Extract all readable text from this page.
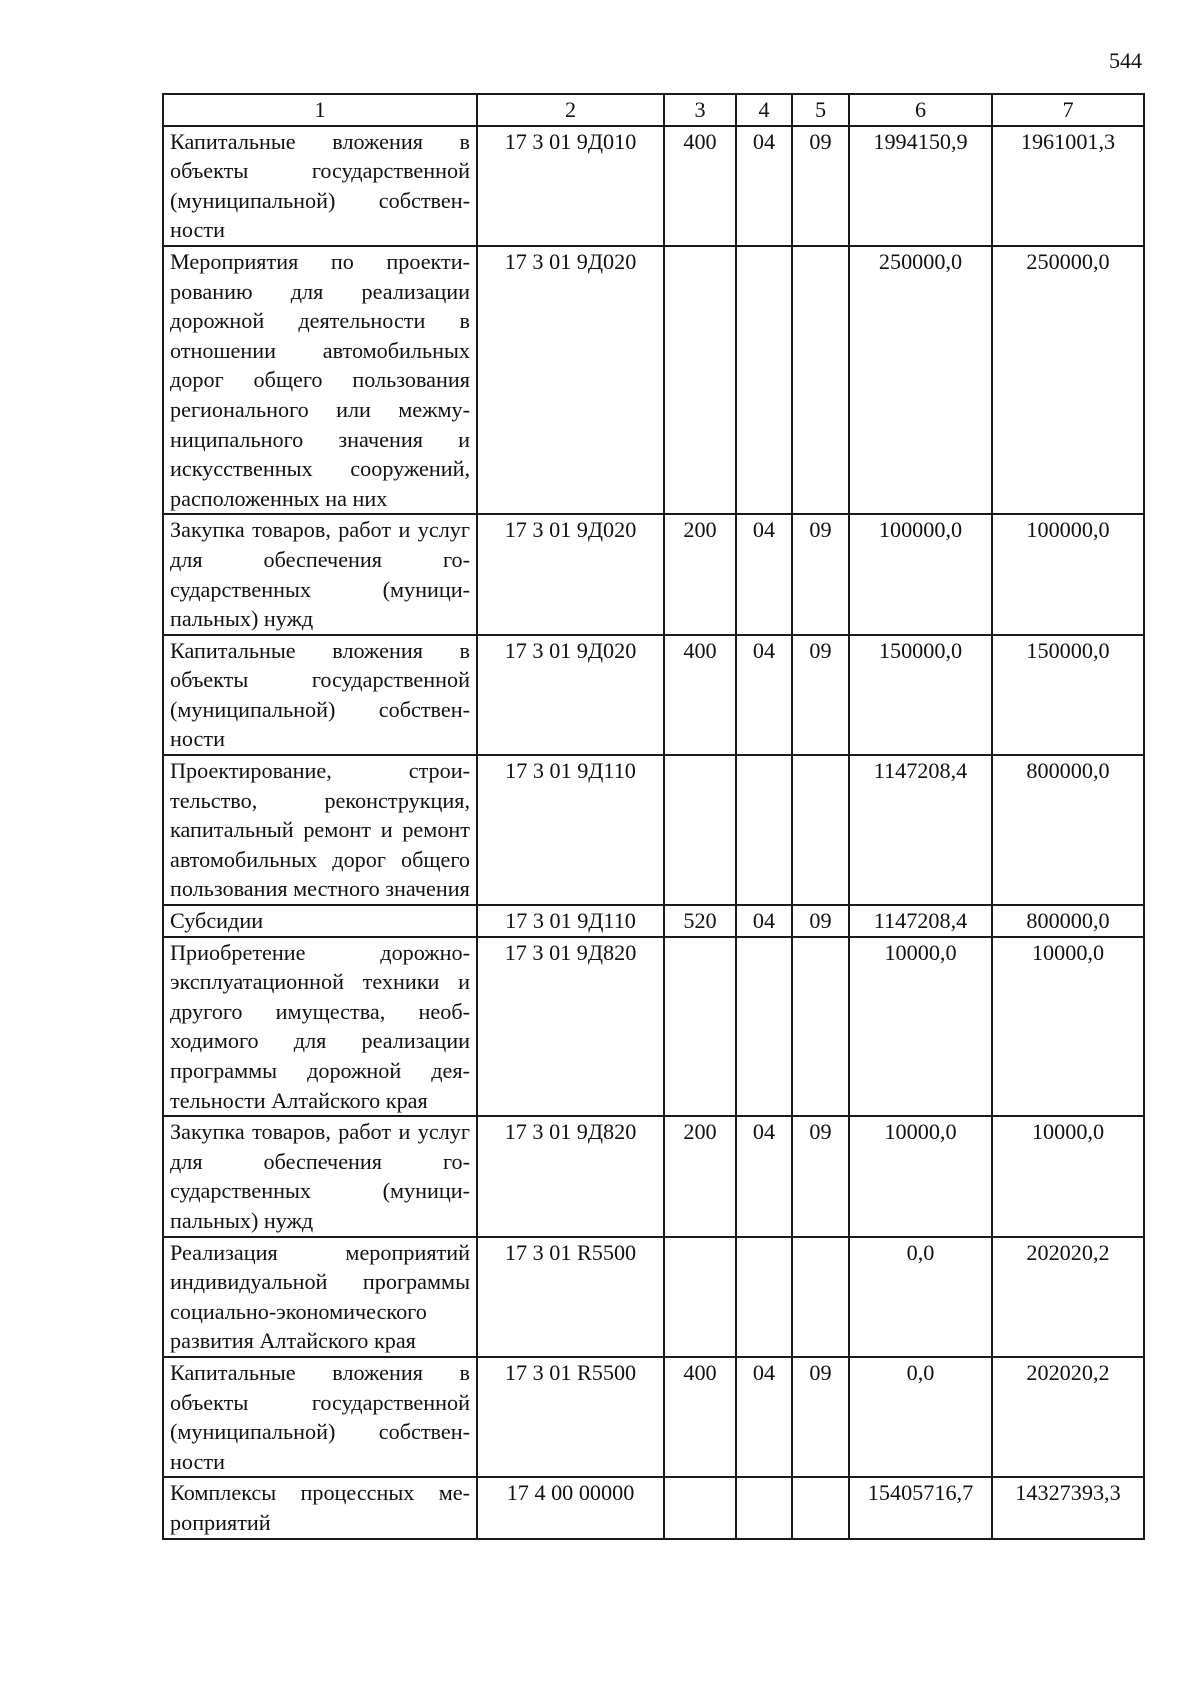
544
1	2	3	4	5	6	7
Капитальные вложения в объекты государственной (муниципальной) собственности	17 3 01 9Д010	400	04	09	1994150,9	1961001,3
Мероприятия по проектированию для реализации дорожной деятельности в отношении автомобильных дорог общего пользования регионального или межмуниципального значения и искусственных сооружений, расположенных на них	17 3 01 9Д020				250000,0	250000,0
Закупка товаров, работ и услуг для обеспечения государственных (муниципальных) нужд	17 3 01 9Д020	200	04	09	100000,0	100000,0
Капитальные вложения в объекты государственной (муниципальной) собственности	17 3 01 9Д020	400	04	09	150000,0	150000,0
Проектирование, строительство, реконструкция, капитальный ремонт и ремонт автомобильных дорог общего пользования местного значения	17 3 01 9Д110				1147208,4	800000,0
Субсидии	17 3 01 9Д110	520	04	09	1147208,4	800000,0
Приобретение дорожно-эксплуатационной техники и другого имущества, необходимого для реализации программы дорожной деятельности Алтайского края	17 3 01 9Д820				10000,0	10000,0
Закупка товаров, работ и услуг для обеспечения государственных (муниципальных) нужд	17 3 01 9Д820	200	04	09	10000,0	10000,0
Реализация мероприятий индивидуальной программы социально-экономического развития Алтайского края	17 3 01 R5500				0,0	202020,2
Капитальные вложения в объекты государственной (муниципальной) собственности	17 3 01 R5500	400	04	09	0,0	202020,2
Комплексы процессных мероприятий	17 4 00 00000				15405716,7	14327393,3
